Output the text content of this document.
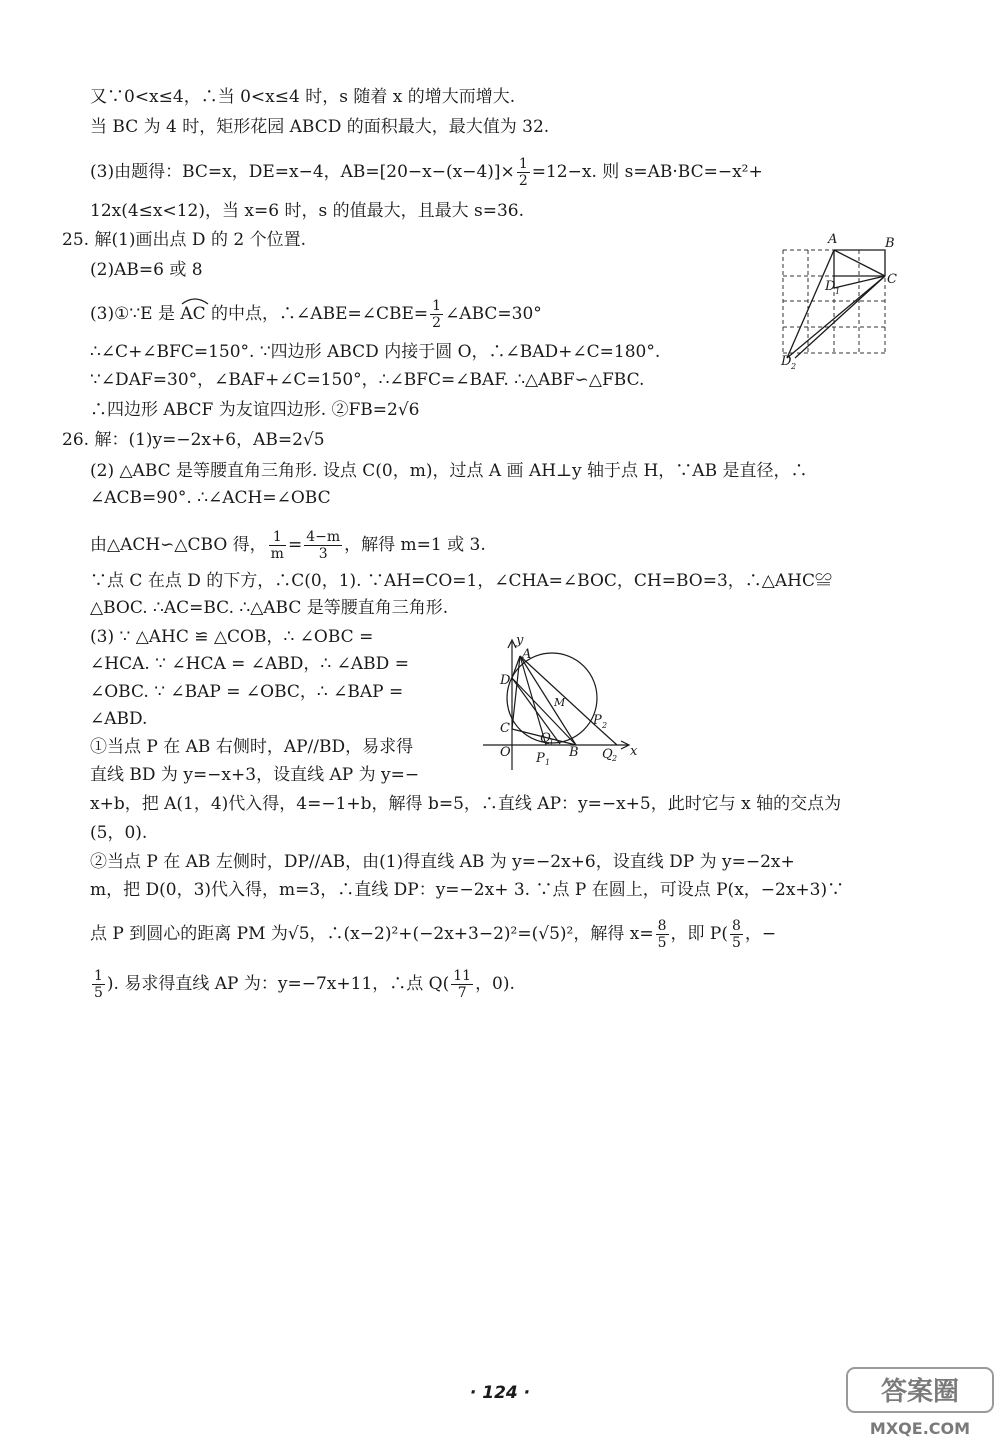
又∵0<x≤4，∴当 0<x≤4 时，s 随着 x 的增大而增大.
当 BC 为 4 时，矩形花园 ABCD 的面积最大，最大值为 32.
(3)由题得：BC=x，DE=x−4，$AB=[20-x-(x-4)]\times \frac{1}{2} =12-x$. 则 s=AB·BC=−x²+
12x(4≤x<12)，当 x=6 时，s 的值最大，且最大 s=36.
25. 解(1)画出点 D 的 2 个位置.
(2)AB=6 或 8
(3)①∵E 是
AC 的中点，∴∠ABE=∠CBE= $\frac{1}{2}$ ∠ABC=30°
∴∠C+∠BFC=150°. ∵四边形 ABCD 内接于圆 O，∴∠BAD+∠C=180°.
∵∠DAF=30°，∠BAF+∠C=150°，∴∠BFC=∠BAF. ∴△ABF∽△FBC.
∴四边形 ABCF 为友谊四边形. ②FB=2√6
A	B
C
D 1
D 2
26. 解：(1)y=−2x+6，AB=2√5
(2) △ABC 是等腰直角三角形. 设点 C(0，m)，过点 A 画 AH⊥y 轴于点 H，∵AB 是直径，∴
∠ACB=90°. ∴∠ACH=∠OBC
由△ACH∽△CBO 得， $\frac{1}{m} = \frac{4-m}{3}$ ，解得 m=1 或 3.
∵点 C 在点 D 的下方，∴C(0，1). ∵AH=CO=1，∠CHA=∠BOC，CH=BO=3，∴△AHC≌
△BOC. ∴AC=BC. ∴△ABC 是等腰直角三角形.
(3) ∵ △AHC ≌ △COB，∴ ∠OBC =
∠HCA. ∵ ∠HCA = ∠ABD，∴ ∠ABD =
∠OBC. ∵ ∠BAP = ∠OBC，∴ ∠BAP =
∠ABD.
①当点 P 在 AB 右侧时，AP//BD，易求得
直线 BD 为 y=−x+3，设直线 AP 为 y=−
x+b，把 A(1，4)代入得，4=−1+b，解得 b=5，∴直线 AP：y=−x+5，此时它与 x 轴的交点为
(5，0).
②当点 P 在 AB 左侧时，DP//AB，由(1)得直线 AB 为 y=−2x+6，设直线 DP 为 y=−2x+
m，把 D(0，3)代入得，m=3，∴直线 DP：y=−2x+ 3. ∵点 P 在圆上，可设点 P(x，−2x+3)∵
点 P 到圆心的距离 PM 为√5，∴(x−2)²+(−2x+3−2)²=(√5)²，解得 $x= \frac{8}{5}$ ，即 $P( \frac{8}{5}$ ，−
$\frac{1}{5}$ ). 易求得直线 AP 为：y=−7x+11，∴点 $Q( \frac{11}{7}$ ，0).
y
x
A
D
M
C
P 2
O
Q
1
P 1
B Q 2
· 124 ·	答案圈
MXQE.COM
